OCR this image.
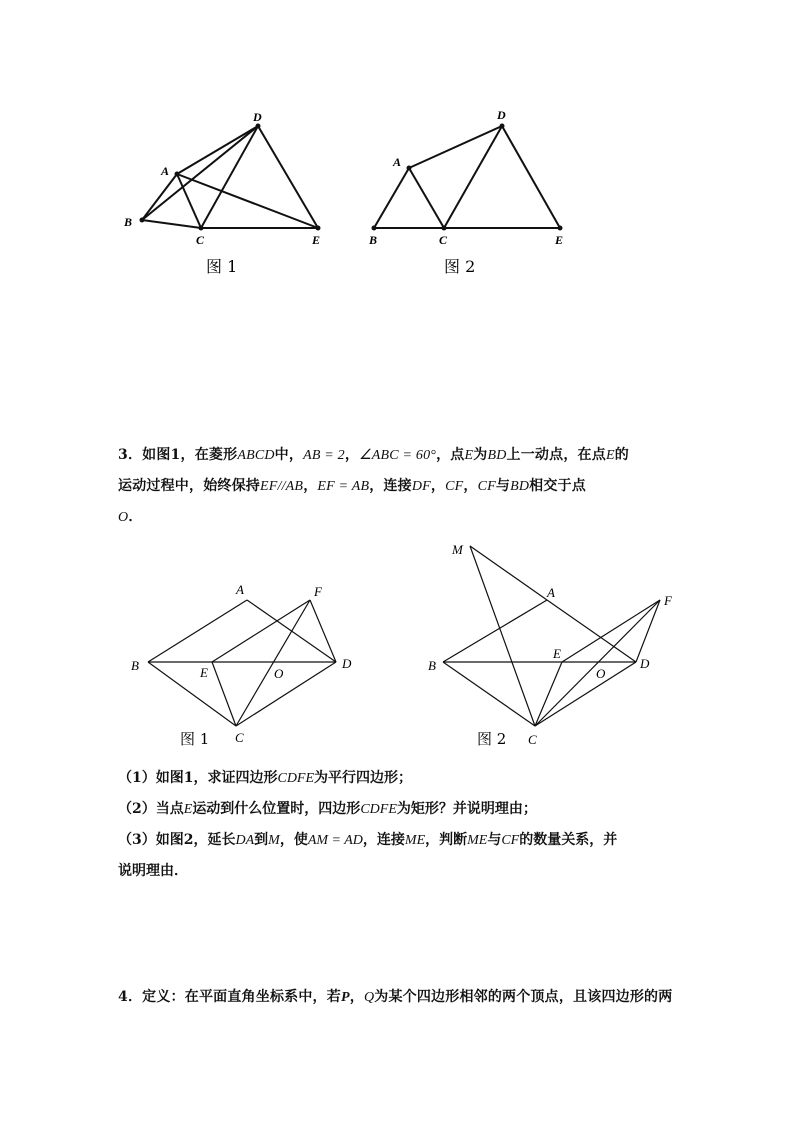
D
A
B
C	E
图 1
D
A
B	C	E
图 2
3．如图1，在菱形ABCD中，AB = 2，∠ABC = 60°，点E为BD上一动点，在点E的
运动过程中，始终保持EF//AB，EF = AB，连接DF，CF，CF与BD相交于点
O．
A	F
B	E	O
D
C
图 1
M
A
F
B
E
O
D
C
图 2
（1）如图1，求证四边形CDFE为平行四边形；
（2）当点E运动到什么位置时，四边形CDFE为矩形？并说明理由；
（3）如图2，延长DA到M，使AM = AD，连接ME，判断ME与CF的数量关系，并
说明理由．
4．定义：在平面直角坐标系中，若P，Q为某个四边形相邻的两个顶点，且该四边形的两
